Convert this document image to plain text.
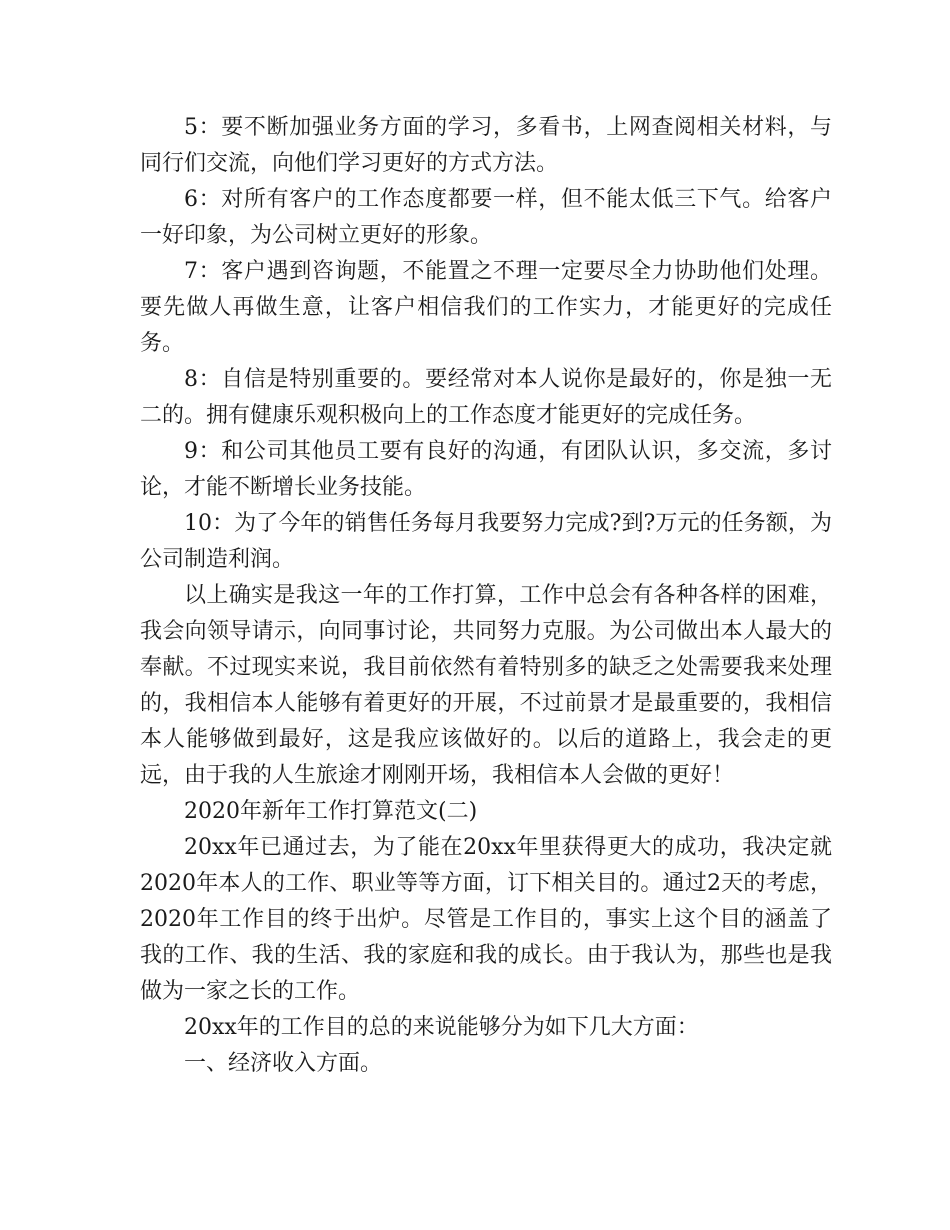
5：要不断加强业务方面的学习，多看书，上网查阅相关材料，与同行们交流，向他们学习更好的方式方法。

6：对所有客户的工作态度都要一样，但不能太低三下气。给客户一好印象，为公司树立更好的形象。

7：客户遇到咨询题，不能置之不理一定要尽全力协助他们处理。要先做人再做生意，让客户相信我们的工作实力，才能更好的完成任务。

8：自信是特别重要的。要经常对本人说你是最好的，你是独一无二的。拥有健康乐观积极向上的工作态度才能更好的完成任务。

9：和公司其他员工要有良好的沟通，有团队认识，多交流，多讨论，才能不断增长业务技能。

10：为了今年的销售任务每月我要努力完成?到?万元的任务额，为公司制造利润。

以上确实是我这一年的工作打算，工作中总会有各种各样的困难，我会向领导请示，向同事讨论，共同努力克服。为公司做出本人最大的奉献。不过现实来说，我目前依然有着特别多的缺乏之处需要我来处理的，我相信本人能够有着更好的开展，不过前景才是最重要的，我相信本人能够做到最好，这是我应该做好的。以后的道路上，我会走的更远，由于我的人生旅途才刚刚开场，我相信本人会做的更好！

2020年新年工作打算范文(二)

20xx年已通过去，为了能在20xx年里获得更大的成功，我决定就2020年本人的工作、职业等等方面，订下相关目的。通过2天的考虑，2020年工作目的终于出炉。尽管是工作目的，事实上这个目的涵盖了我的工作、我的生活、我的家庭和我的成长。由于我认为，那些也是我做为一家之长的工作。

20xx年的工作目的总的来说能够分为如下几大方面：

一、经济收入方面。
